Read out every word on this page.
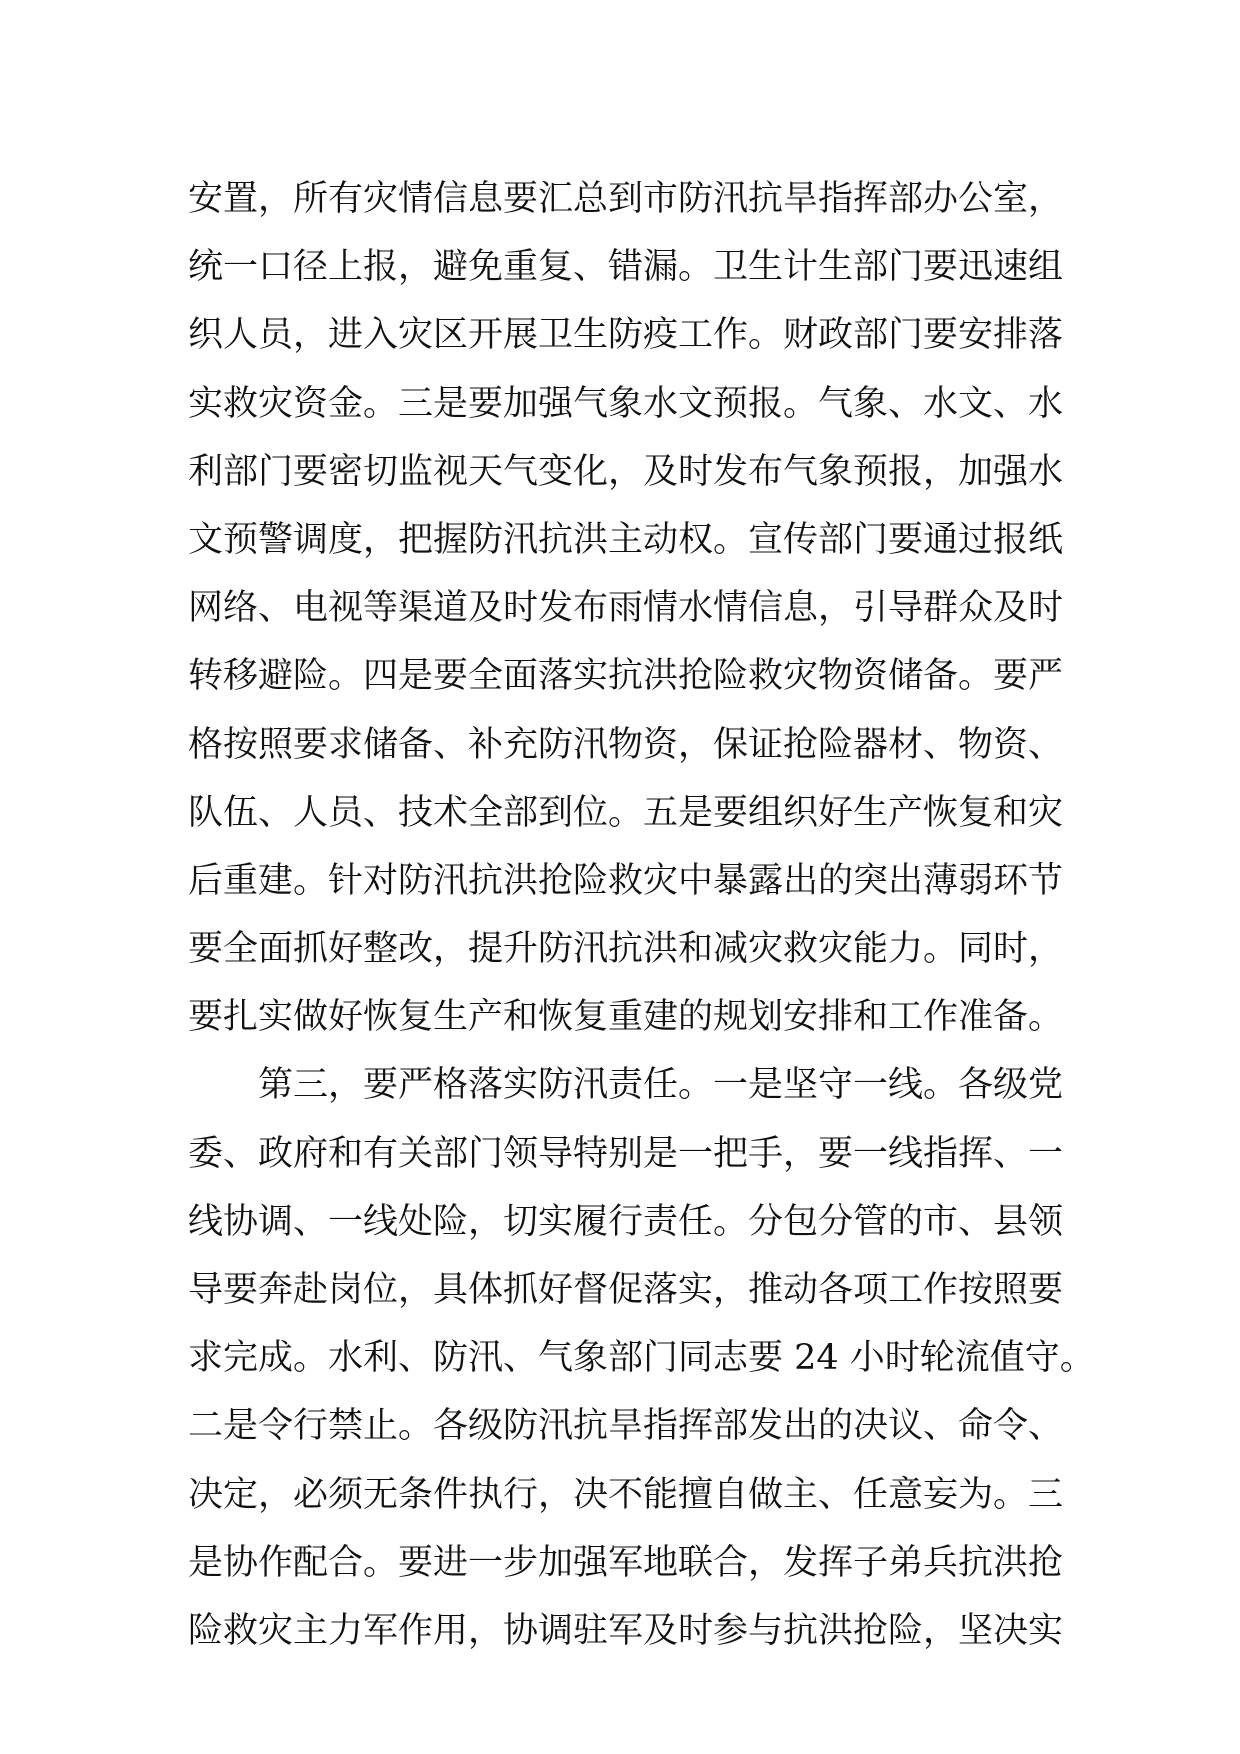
安置，所有灾情信息要汇总到市防汛抗旱指挥部办公室，
统一口径上报，避免重复、错漏。卫生计生部门要迅速组
织人员，进入灾区开展卫生防疫工作。财政部门要安排落
实救灾资金。三是要加强气象水文预报。气象、水文、水
利部门要密切监视天气变化，及时发布气象预报，加强水
文预警调度，把握防汛抗洪主动权。宣传部门要通过报纸
网络、电视等渠道及时发布雨情水情信息，引导群众及时
转移避险。四是要全面落实抗洪抢险救灾物资储备。要严
格按照要求储备、补充防汛物资，保证抢险器材、物资、
队伍、人员、技术全部到位。五是要组织好生产恢复和灾
后重建。针对防汛抗洪抢险救灾中暴露出的突出薄弱环节
要全面抓好整改，提升防汛抗洪和减灾救灾能力。同时，
要扎实做好恢复生产和恢复重建的规划安排和工作准备。
第三，要严格落实防汛责任。一是坚守一线。各级党
委、政府和有关部门领导特别是一把手，要一线指挥、一
线协调、一线处险，切实履行责任。分包分管的市、县领
导要奔赴岗位，具体抓好督促落实，推动各项工作按照要
求完成。水利、防汛、气象部门同志要 24 小时轮流值守。
二是令行禁止。各级防汛抗旱指挥部发出的决议、命令、
决定，必须无条件执行，决不能擅自做主、任意妄为。三
是协作配合。要进一步加强军地联合，发挥子弟兵抗洪抢
险救灾主力军作用，协调驻军及时参与抗洪抢险，坚决实
